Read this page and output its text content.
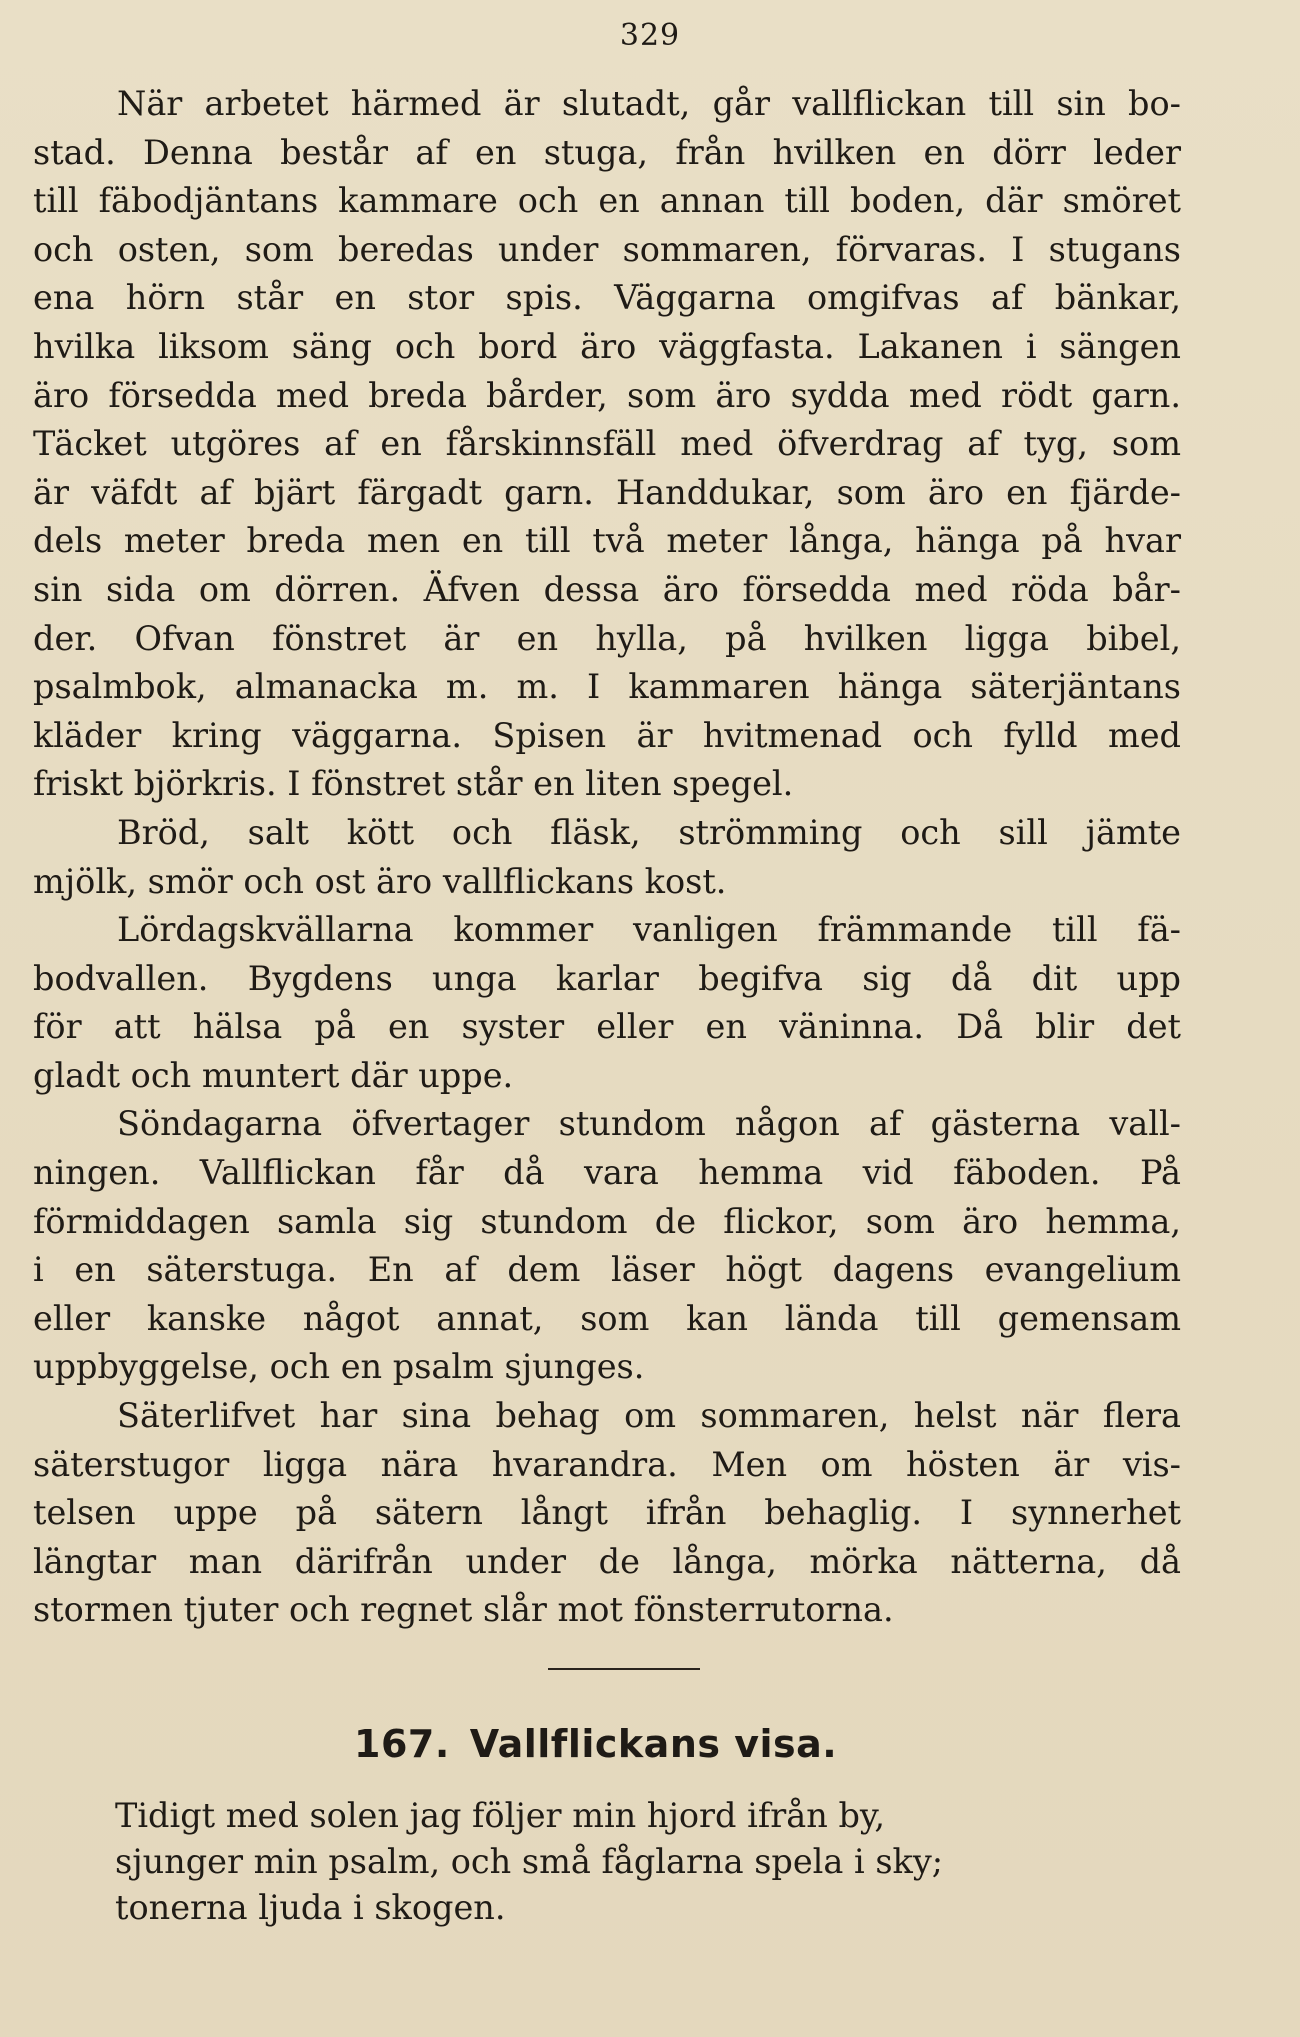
329
När arbetet härmed är slutadt, går vallflickan till sin bo-
stad. Denna består af en stuga, från hvilken en dörr leder
till fäbodjäntans kammare och en annan till boden, där smöret
och osten, som beredas under sommaren, förvaras. I stugans
ena hörn står en stor spis. Väggarna omgifvas af bänkar,
hvilka liksom säng och bord äro väggfasta. Lakanen i sängen
äro försedda med breda bårder, som äro sydda med rödt garn.
Täcket utgöres af en fårskinnsfäll med öfverdrag af tyg, som
är väfdt af bjärt färgadt garn. Handdukar, som äro en fjärde-
dels meter breda men en till två meter långa, hänga på hvar
sin sida om dörren. Äfven dessa äro försedda med röda bår-
der. Ofvan fönstret är en hylla, på hvilken ligga bibel,
psalmbok, almanacka m. m. I kammaren hänga säterjäntans
kläder kring väggarna. Spisen är hvitmenad och fylld med
friskt björkris. I fönstret står en liten spegel.
Bröd, salt kött och fläsk, strömming och sill jämte
mjölk, smör och ost äro vallflickans kost.
Lördagskvällarna kommer vanligen främmande till fä-
bodvallen. Bygdens unga karlar begifva sig då dit upp
för att hälsa på en syster eller en väninna. Då blir det
gladt och muntert där uppe.
Söndagarna öfvertager stundom någon af gästerna vall-
ningen. Vallflickan får då vara hemma vid fäboden. På
förmiddagen samla sig stundom de flickor, som äro hemma,
i en säterstuga. En af dem läser högt dagens evangelium
eller kanske något annat, som kan lända till gemensam
uppbyggelse, och en psalm sjunges.
Säterlifvet har sina behag om sommaren, helst när flera
säterstugor ligga nära hvarandra. Men om hösten är vis-
telsen uppe på sätern långt ifrån behaglig. I synnerhet
längtar man därifrån under de långa, mörka nätterna, då
stormen tjuter och regnet slår mot fönsterrutorna.
167. Vallflickans visa.
Tidigt med solen jag följer min hjord ifrån by,
sjunger min psalm, och små fåglarna spela i sky;
tonerna ljuda i skogen.
